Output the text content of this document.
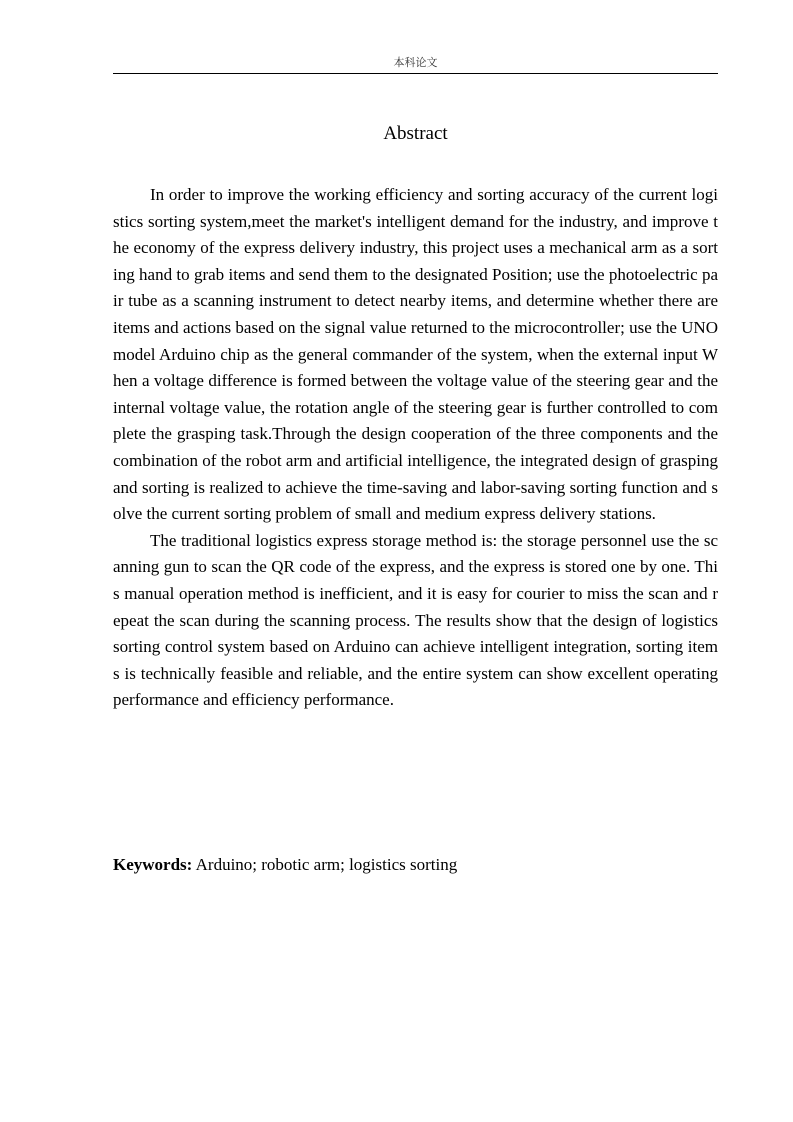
本科论文
Abstract

In order to improve the working efficiency and sorting accuracy of the current logistics sorting system,meet the market's intelligent demand for the industry, and improve the economy of the express delivery industry, this project uses a mechanical arm as a sorting hand to grab items and send them to the designated Position; use the photoelectric pair tube as a scanning instrument to detect nearby items, and determine whether there are items and actions based on the signal value returned to the microcontroller; use the UNO model Arduino chip as the general commander of the system, when the external input When a voltage difference is formed between the voltage value of the steering gear and the internal voltage value, the rotation angle of the steering gear is further controlled to complete the grasping task.Through the design cooperation of the three components and the combination of the robot arm and artificial intelligence, the integrated design of grasping and sorting is realized to achieve the time-saving and labor-saving sorting function and solve the current sorting problem of small and medium express delivery stations.

The traditional logistics express storage method is: the storage personnel use the scanning gun to scan the QR code of the express, and the express is stored one by one. This manual operation method is inefficient, and it is easy for courier to miss the scan and repeat the scan during the scanning process. The results show that the design of logistics sorting control system based on Arduino can achieve intelligent integration, sorting items is technically feasible and reliable, and the entire system can show excellent operating performance and efficiency performance.

Keywords: Arduino; robotic arm; logistics sorting
